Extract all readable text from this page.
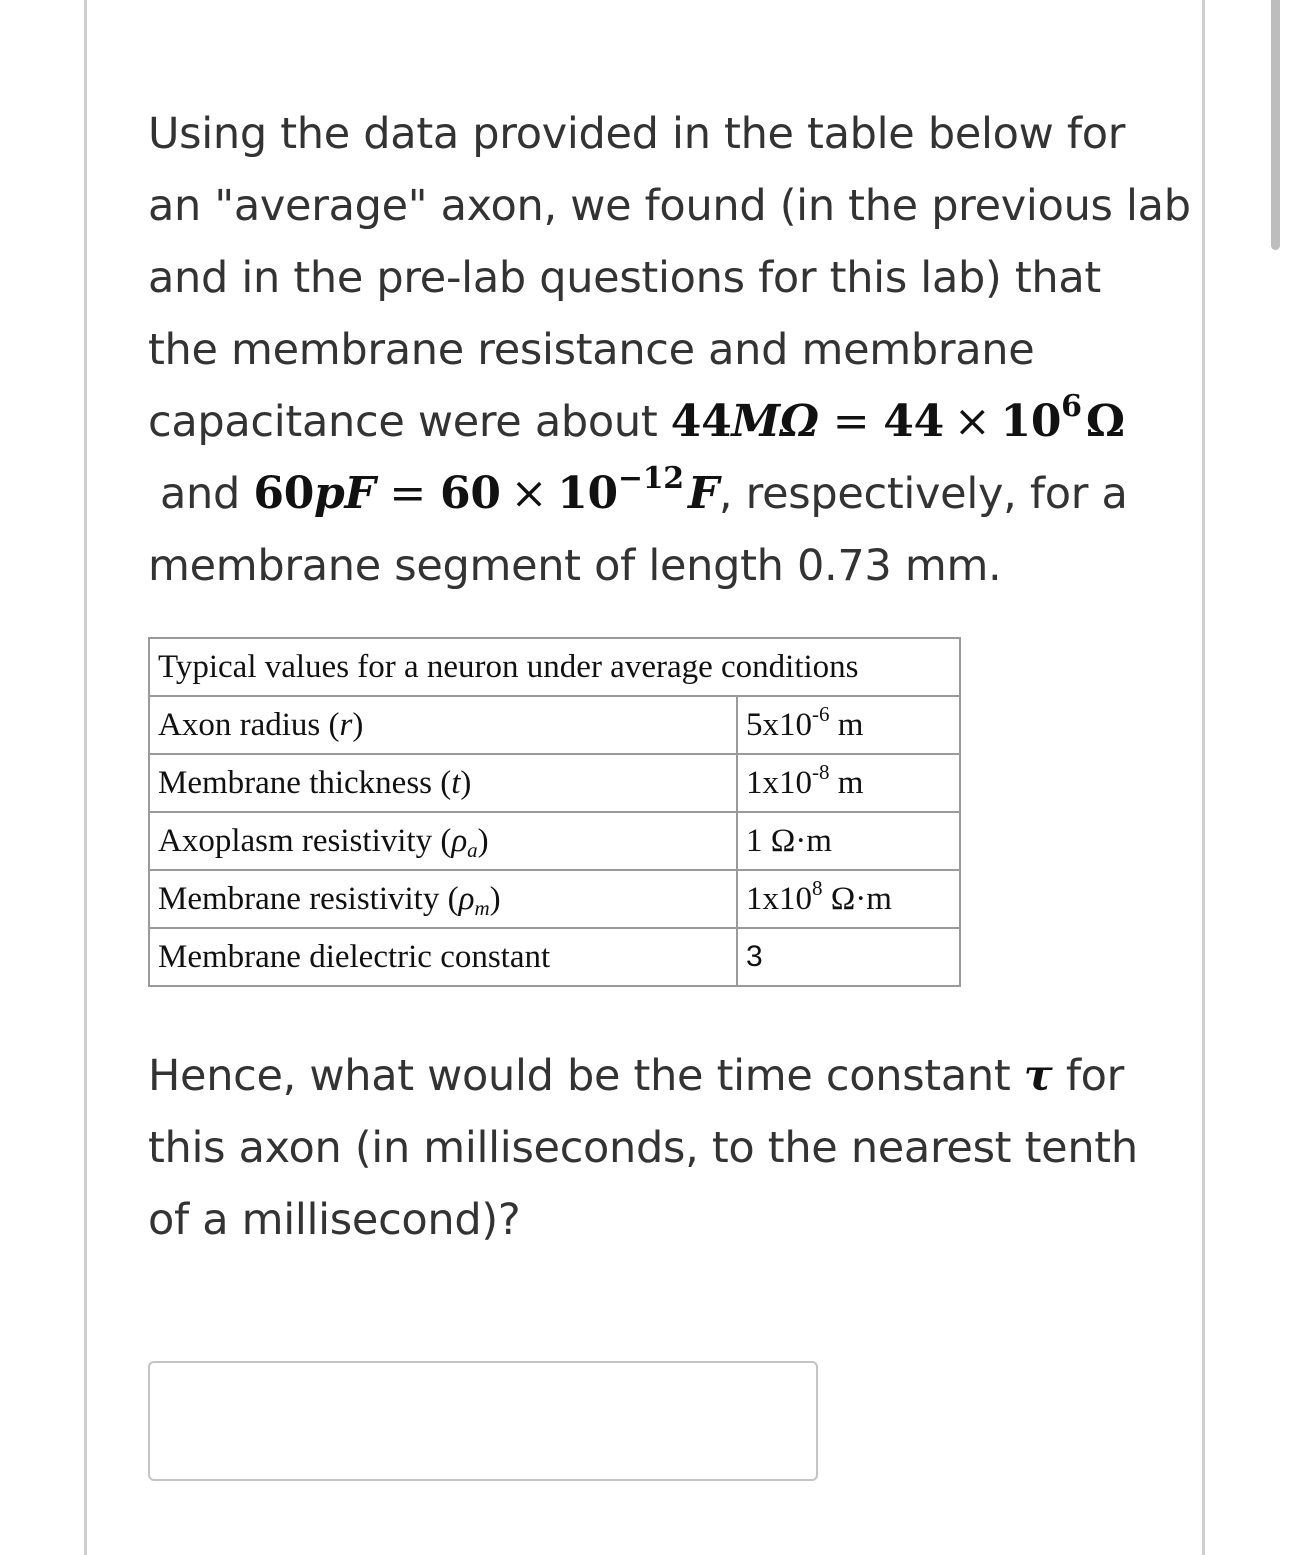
Using the data provided in the table below for

an "average" axon, we found (in the previous lab

and in the pre-lab questions for this lab) that

the membrane resistance and membrane

capacitance were about $44M\Omega = 44 \times 10^6$ Ω

and $60pF = 60 \times 10^{-12}$ F, respectively, for a

membrane segment of length 0.73 mm.

Typical values for a neuron under average conditions	
Axon radius (r)	$5x10^{-6}$ m
Membrane thickness (t)	$1x10^{-8}$ m
Axoplasm resistivity $(\rho_a)$	1 Ω·m
Membrane resistivity $(\rho_m)$	$1x10^8$ Ω·m
Membrane dielectric constant	3

Hence, what would be the time constant τ for

this axon (in milliseconds, to the nearest tenth

of a millisecond)?
